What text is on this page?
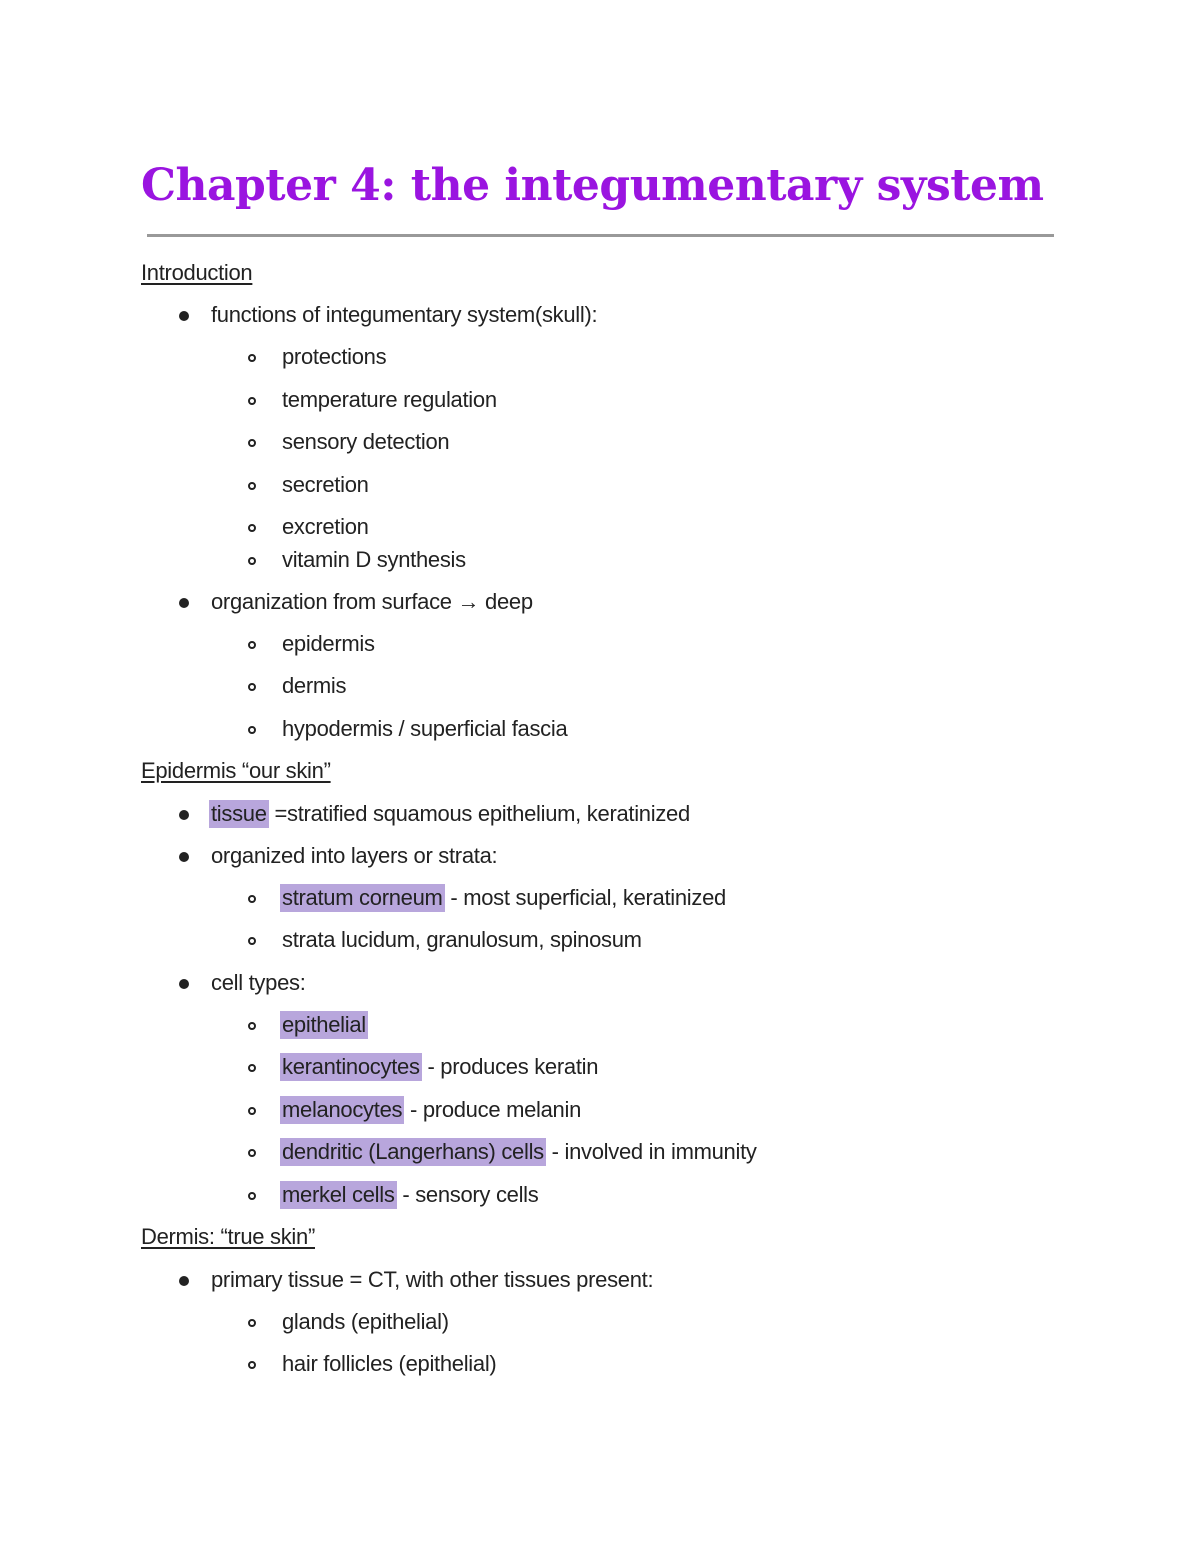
Chapter 4: the integumentary system
Introduction
functions of integumentary system(skull):
protections
temperature regulation
sensory detection
secretion
excretion
vitamin D synthesis
organization from surface → deep
epidermis
dermis
hypodermis / superficial fascia
Epidermis “our skin”
tissue =stratified squamous epithelium, keratinized
organized into layers or strata:
stratum corneum - most superficial, keratinized
strata lucidum, granulosum, spinosum
cell types:
epithelial
kerantinocytes - produces keratin
melanocytes - produce melanin
dendritic (Langerhans) cells - involved in immunity
merkel cells - sensory cells
Dermis: “true skin”
primary tissue = CT, with other tissues present:
glands (epithelial)
hair follicles (epithelial)
